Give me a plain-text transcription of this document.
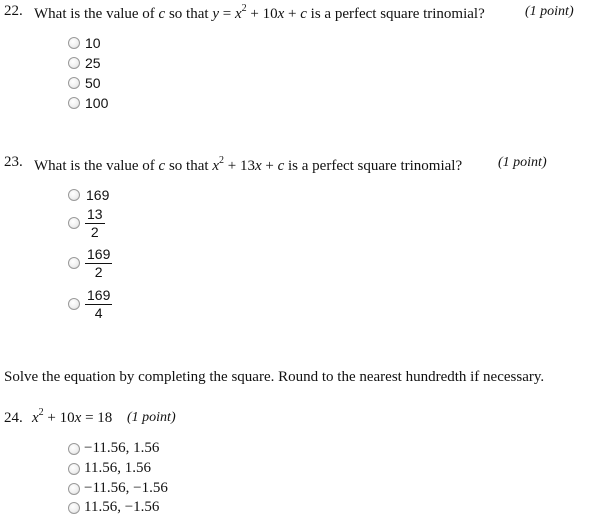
22. What is the value of c so that $y = x^2 + 10x + c$ is a perfect square trinomial?	(1 point)
10
25
50
100
23. What is the value of c so that $x^2 + 13x + c$ is a perfect square trinomial?	(1 point)
169
13
2
169
2
169
4
Solve the equation by completing the square. Round to the nearest hundredth if necessary.
24. $x^2 + 10x = 18$ (1 point)
−11.56, 1.56
11.56, 1.56
−11.56, −1.56
11.56, −1.56
